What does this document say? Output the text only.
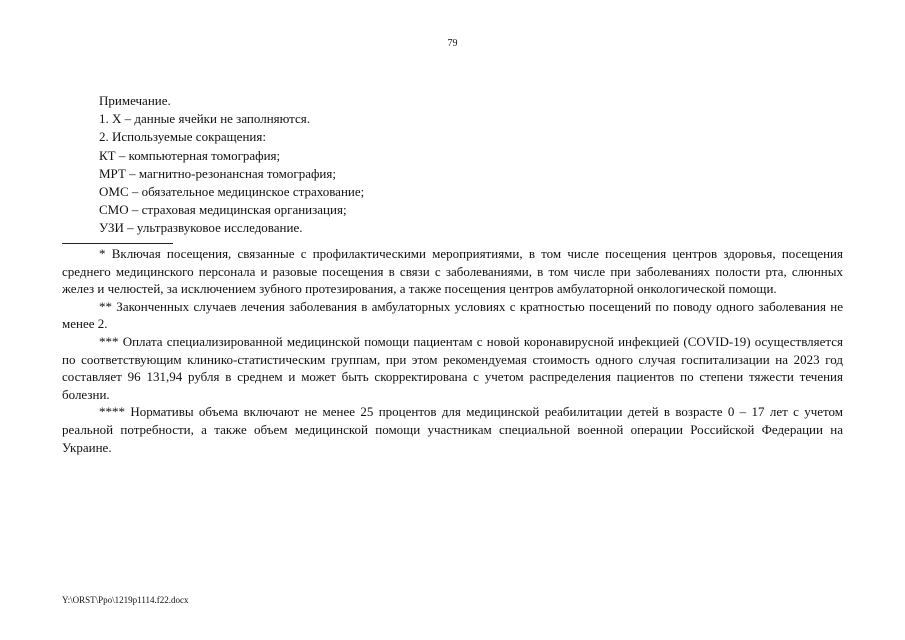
79
Примечание.
1. Х – данные ячейки не заполняются.
2. Используемые сокращения:
КТ – компьютерная томография;
МРТ – магнитно-резонансная томография;
ОМС – обязательное медицинское страхование;
СМО – страховая медицинская организация;
УЗИ – ультразвуковое исследование.

* Включая посещения, связанные с профилактическими мероприятиями, в том числе посещения центров здоровья, посещения среднего медицинского персонала и разовые посещения в связи с заболеваниями, в том числе при заболеваниях полости рта, слюнных желез и челюстей, за исключением зубного протезирования, а также посещения центров амбулаторной онкологической помощи.

** Законченных случаев лечения заболевания в амбулаторных условиях с кратностью посещений по поводу одного заболевания не менее 2.

*** Оплата специализированной медицинской помощи пациентам с новой коронавирусной инфекцией (COVID-19) осуществляется по соответствующим клинико-статистическим группам, при этом рекомендуемая стоимость одного случая госпитализации на 2023 год составляет 96 131,94 рубля в среднем и может быть скорректирована с учетом распределения пациентов по степени тяжести течения болезни.

**** Нормативы объема включают не менее 25 процентов для медицинской реабилитации детей в возрасте 0 – 17 лет с учетом реальной потребности, а также объем медицинской помощи участникам специальной военной операции Российской Федерации на Украине.

Y:\ORST\Ppo\1219p1114.f22.docx
